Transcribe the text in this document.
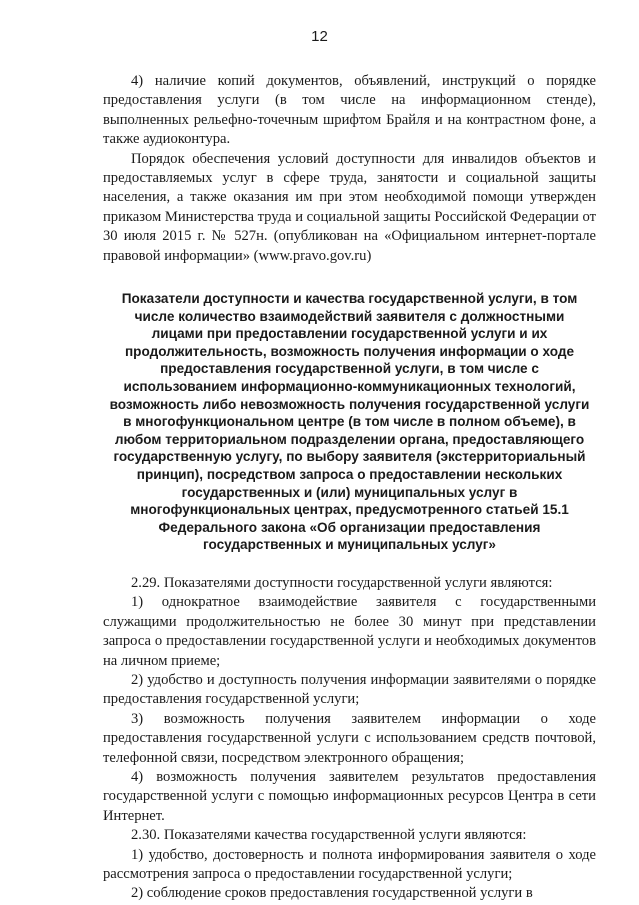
12

4) наличие копий документов, объявлений, инструкций о порядке предоставления услуги (в том числе на информационном стенде), выполненных рельефно-точечным шрифтом Брайля и на контрастном фоне, а также аудиоконтура.

Порядок обеспечения условий доступности для инвалидов объектов и предоставляемых услуг в сфере труда, занятости и социальной защиты населения, а также оказания им при этом необходимой помощи утвержден приказом Министерства труда и социальной защиты Российской Федерации от 30 июля 2015 г. № 527н. (опубликован на «Официальном интернет-портале правовой информации» (www.pravo.gov.ru)

Показатели доступности и качества государственной услуги, в том числе количество взаимодействий заявителя с должностными лицами при предоставлении государственной услуги и их продолжительность, возможность получения информации о ходе предоставления государственной услуги, в том числе с использованием информационно-коммуникационных технологий, возможность либо невозможность получения государственной услуги в многофункциональном центре (в том числе в полном объеме), в любом территориальном подразделении органа, предоставляющего государственную услугу, по выбору заявителя (экстерриториальный принцип), посредством запроса о предоставлении нескольких государственных и (или) муниципальных услуг в многофункциональных центрах, предусмотренного статьей 15.1 Федерального закона «Об организации предоставления государственных и муниципальных услуг»

2.29. Показателями доступности государственной услуги являются:

1) однократное взаимодействие заявителя с государственными служащими продолжительностью не более 30 минут при представлении запроса о предоставлении государственной услуги и необходимых документов на личном приеме;

2) удобство и доступность получения информации заявителями о порядке предоставления государственной услуги;

3) возможность получения заявителем информации о ходе предоставления государственной услуги с использованием средств почтовой, телефонной связи, посредством электронного обращения;

4) возможность получения заявителем результатов предоставления государственной услуги с помощью информационных ресурсов Центра в сети Интернет.

2.30. Показателями качества государственной услуги являются:

1) удобство, достоверность и полнота информирования заявителя о ходе рассмотрения запроса о предоставлении государственной услуги;

2) соблюдение сроков предоставления государственной услуги в
